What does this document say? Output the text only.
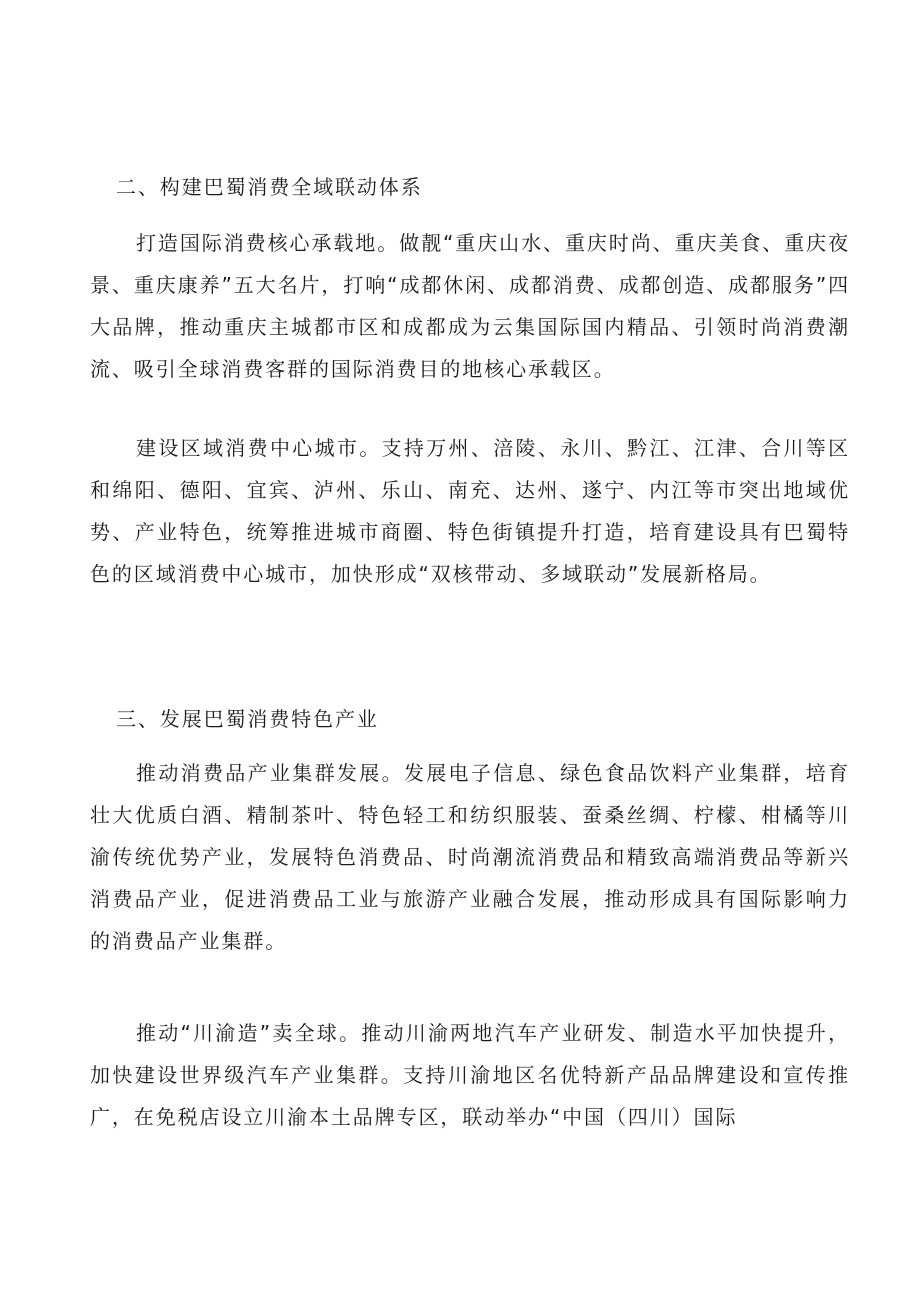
二、构建巴蜀消费全域联动体系

打造国际消费核心承载地。做靓“重庆山水、重庆时尚、重庆美食、重庆夜景、重庆康养”五大名片，打响“成都休闲、成都消费、成都创造、成都服务”四大品牌，推动重庆主城都市区和成都成为云集国际国内精品、引领时尚消费潮流、吸引全球消费客群的国际消费目的地核心承载区。

建设区域消费中心城市。支持万州、涪陵、永川、黔江、江津、合川等区和绵阳、德阳、宜宾、泸州、乐山、南充、达州、遂宁、内江等市突出地域优势、产业特色，统筹推进城市商圈、特色街镇提升打造，培育建设具有巴蜀特色的区域消费中心城市，加快形成“双核带动、多域联动”发展新格局。

三、发展巴蜀消费特色产业

推动消费品产业集群发展。发展电子信息、绿色食品饮料产业集群，培育壮大优质白酒、精制茶叶、特色轻工和纺织服装、蚕桑丝绸、柠檬、柑橘等川渝传统优势产业，发展特色消费品、时尚潮流消费品和精致高端消费品等新兴消费品产业，促进消费品工业与旅游产业融合发展，推动形成具有国际影响力的消费品产业集群。

推动“川渝造”卖全球。推动川渝两地汽车产业研发、制造水平加快提升，加快建设世界级汽车产业集群。支持川渝地区名优特新产品品牌建设和宣传推广，在免税店设立川渝本土品牌专区，联动举办“中国（四川）国际
